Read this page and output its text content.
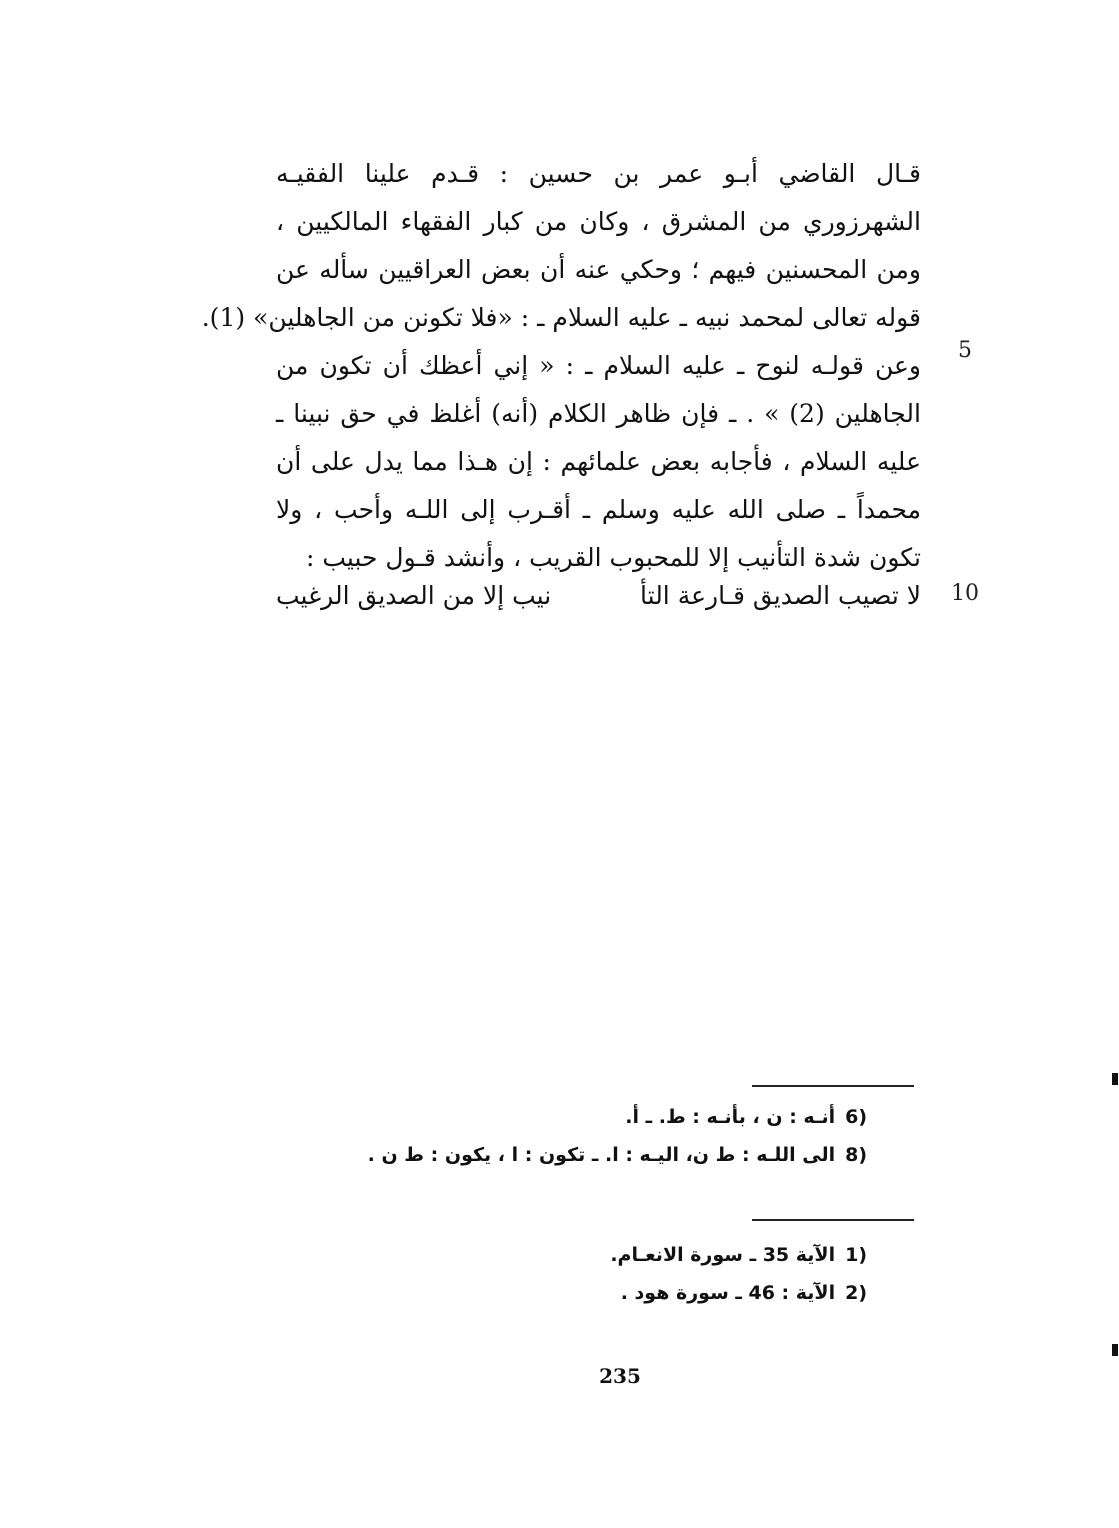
قـال القاضي أبـو عمر بن حسين : قـدم علينا الفقيـه
الشهرزوري من المشرق ، وكان من كبار الفقهاء المالكيين ،
ومن المحسنين فيهم ؛ وحكي عنه أن بعض العراقيين سأله عن
قوله تعالى لمحمد نبيه ـ عليه السلام ـ : «فلا تكونن من الجاهلين» (1).
وعن قولـه لنوح ـ عليه السلام ـ : « إني أعظك أن تكون من
الجاهلين (2) » . ـ فإن ظاهر الكلام (أنه) أغلظ في حق نبينا ـ
عليه السلام ، فأجابه بعض علمائهم : إن هـذا مما يدل على أن
محمداً ـ صلى الله عليه وسلم ـ أقـرب إلى اللـه وأحب ، ولا
تكون شدة التأنيب إلا للمحبوب القريب ، وأنشد قـول حبيب :
5
10
لا تصيب الصديق قـارعة التأ
نيب إلا من الصديق الرغيب
6)أنـه : ن ، بأنـه : ط. ـ أ.
8)الى اللـه : ط ن، اليـه : ا. ـ تكون : ا ، يكون : ط ن .
1)الآية 35 ـ سورة الانعـام.
2)الآية : 46 ـ سورة هود .
235
